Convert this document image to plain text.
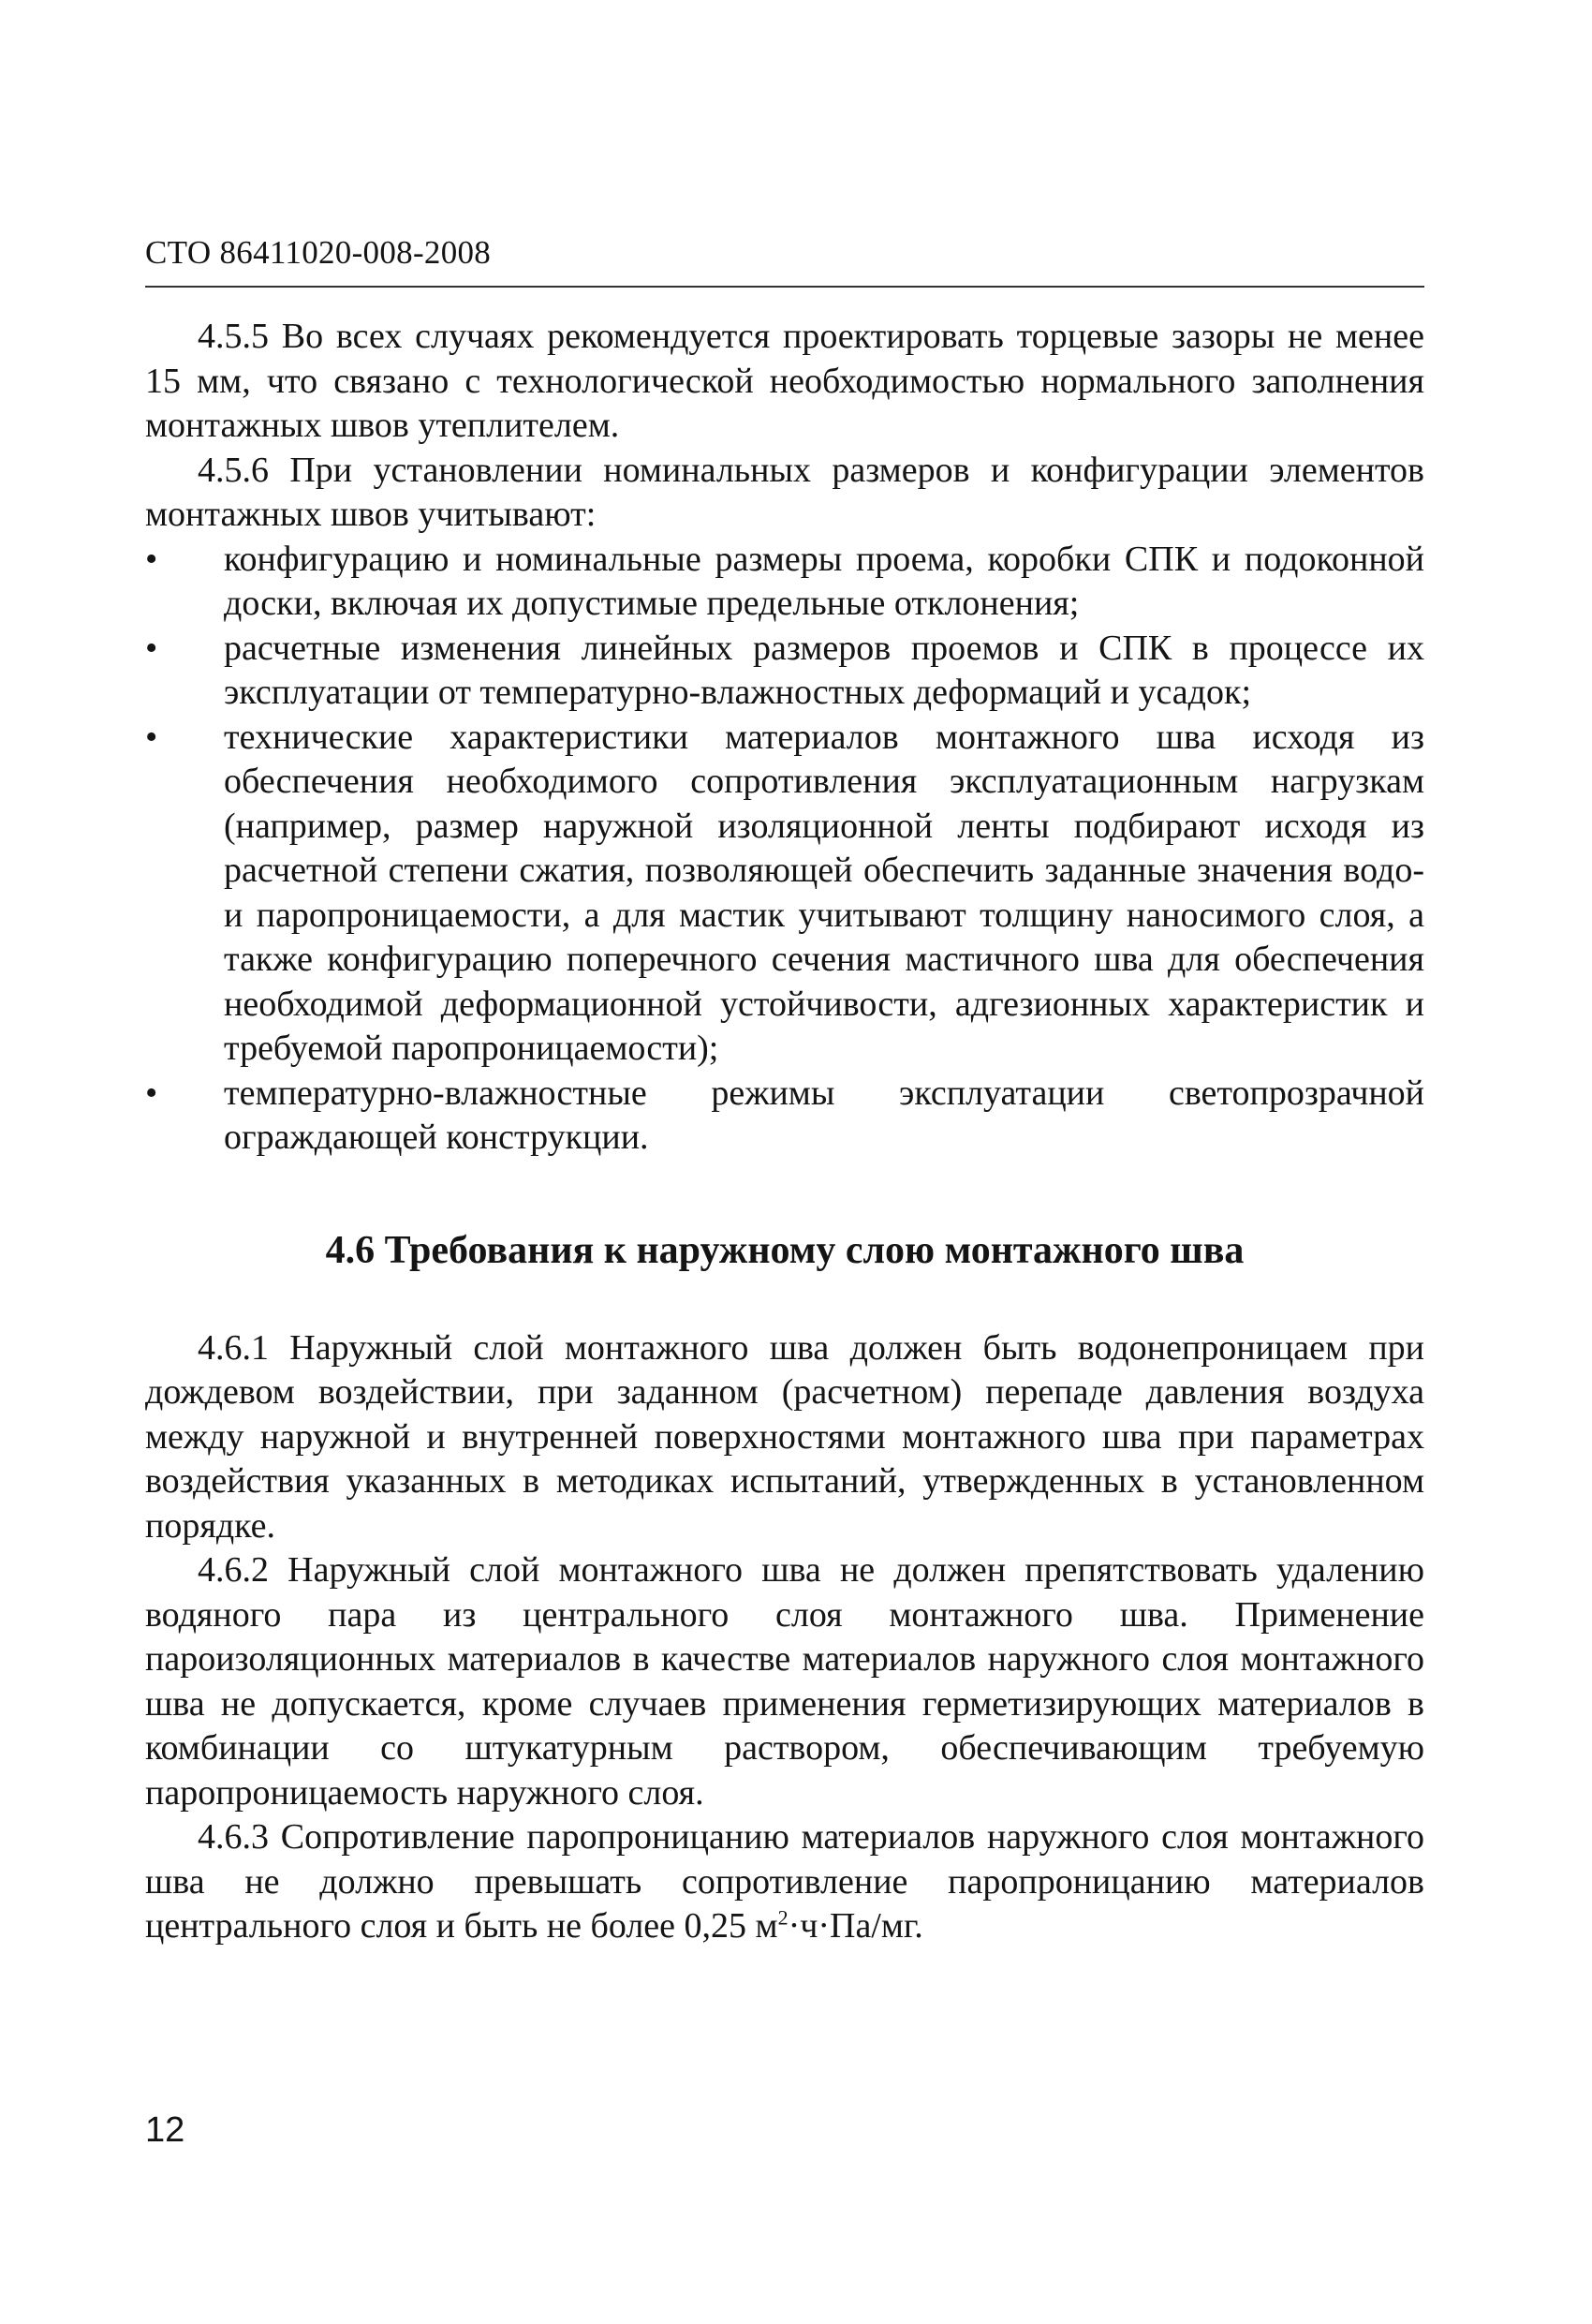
СТО 86411020-008-2008

4.5.5 Во всех случаях рекомендуется проектировать торцевые зазоры не менее 15 мм, что связано с технологической необходимостью нормального заполнения монтажных швов утеплителем.

4.5.6 При установлении номинальных размеров и конфигурации элементов монтажных швов учитывают:

•	конфигурацию и номинальные размеры проема, коробки СПК и подоконной доски, включая их допустимые предельные отклонения;
•	расчетные изменения линейных размеров проемов и СПК в процессе их эксплуатации от температурно-влажностных деформаций и усадок;
•	технические характеристики материалов монтажного шва исходя из обеспечения необходимого сопротивления эксплуатационным нагрузкам (например, размер наружной изоляционной ленты подбирают исходя из расчетной степени сжатия, позволяющей обеспечить заданные значения водо- и паропроницаемости, а для мастик учитывают толщину наносимого слоя, а также конфигурацию поперечного сечения мастичного шва для обеспечения необходимой деформационной устойчивости, адгезионных характеристик и требуемой паропроницаемости);
•	температурно-влажностные режимы эксплуатации светопрозрачной ограждающей конструкции.
4.6 Требования к наружному слою монтажного шва

4.6.1 Наружный слой монтажного шва должен быть водонепроницаем при дождевом воздействии, при заданном (расчетном) перепаде давления воздуха между наружной и внутренней поверхностями монтажного шва при параметрах воздействия указанных в методиках испытаний, утвержденных в установленном порядке.

4.6.2 Наружный слой монтажного шва не должен препятствовать удалению водяного пара из центрального слоя монтажного шва. Применение пароизоляционных материалов в качестве материалов наружного слоя монтажного шва не допускается, кроме случаев применения герметизирующих материалов в комбинации со штукатурным раствором, обеспечивающим требуемую паропроницаемость наружного слоя.

4.6.3 Сопротивление паропроницанию материалов наружного слоя монтажного шва не должно превышать сопротивление паропроницанию материалов центрального слоя и быть не более 0,25 $м^2\cdot ч\cdot Па/мг$.

12
